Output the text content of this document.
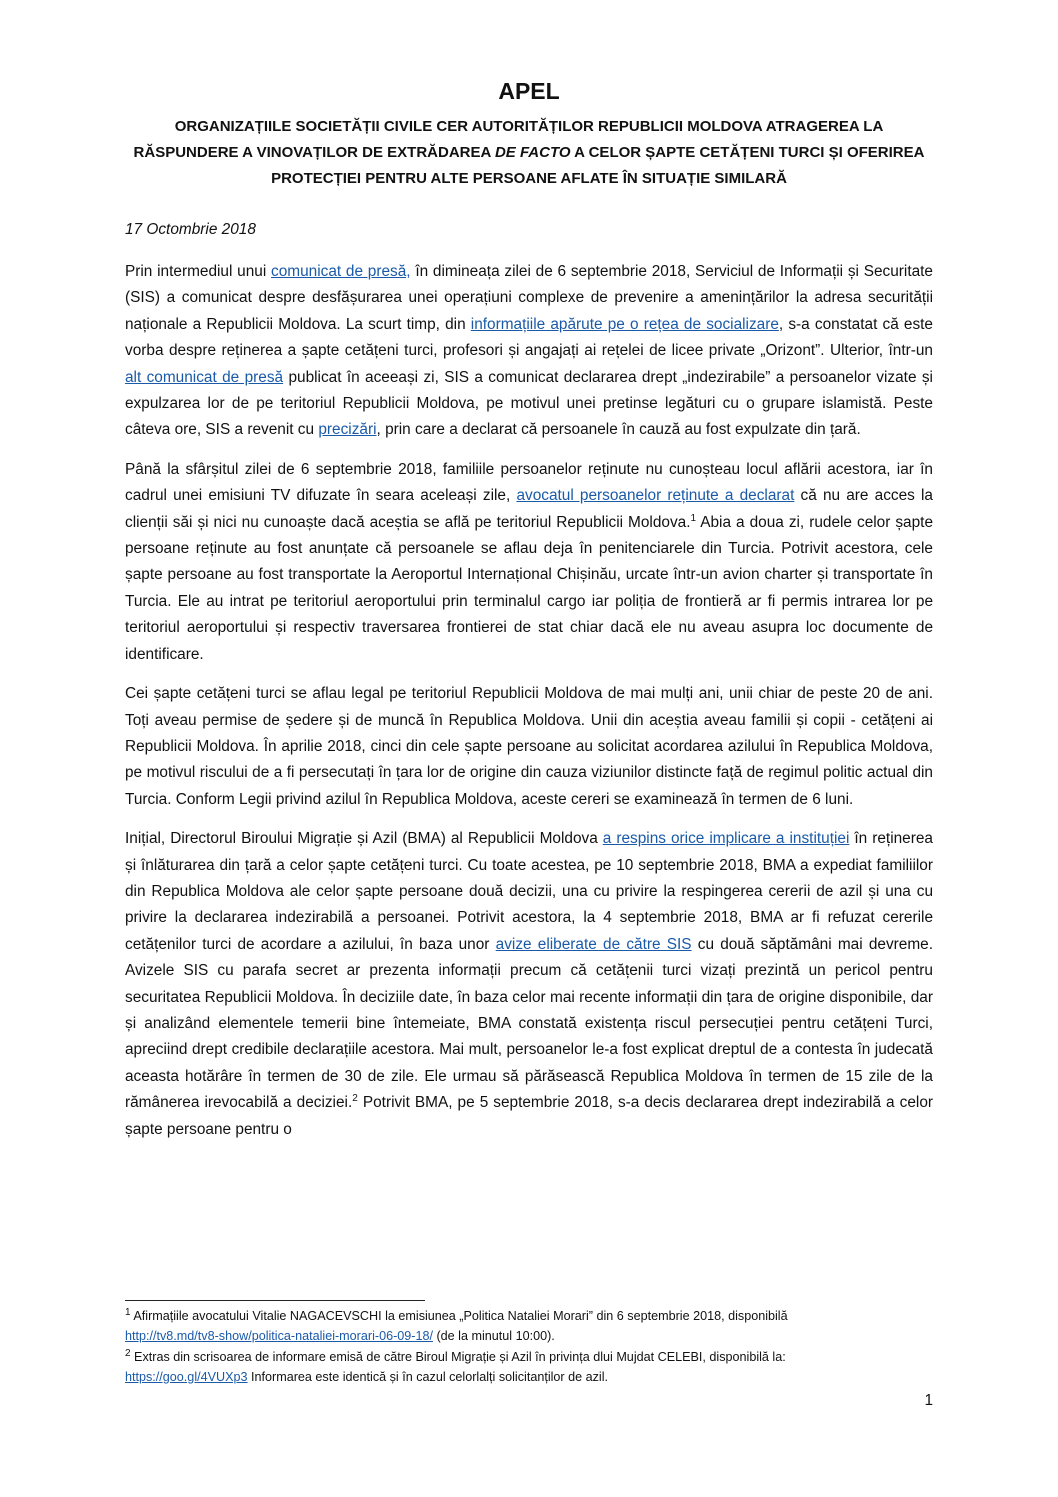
APEL
ORGANIZAȚIILE SOCIETĂȚII CIVILE CER AUTORITĂȚILOR REPUBLICII MOLDOVA ATRAGEREA LA RĂSPUNDERE A VINOVAȚILOR DE EXTRĂDAREA DE FACTO A CELOR ȘAPTE CETĂȚENI TURCI ȘI OFERIREA PROTECȚIEI PENTRU ALTE PERSOANE AFLATE ÎN SITUAȚIE SIMILARĂ
17 Octombrie 2018

Prin intermediul unui comunicat de presă, în dimineața zilei de 6 septembrie 2018, Serviciul de Informații și Securitate (SIS) a comunicat despre desfășurarea unei operațiuni complexe de prevenire a amenințărilor la adresa securității naționale a Republicii Moldova. La scurt timp, din informațiile apărute pe o rețea de socializare, s-a constatat că este vorba despre reținerea a șapte cetățeni turci, profesori și angajați ai rețelei de licee private „Orizont”. Ulterior, într-un alt comunicat de presă publicat în aceeași zi, SIS a comunicat declararea drept „indezirabile” a persoanelor vizate și expulzarea lor de pe teritoriul Republicii Moldova, pe motivul unei pretinse legături cu o grupare islamistă. Peste câteva ore, SIS a revenit cu precizări, prin care a declarat că persoanele în cauză au fost expulzate din țară.

Până la sfârșitul zilei de 6 septembrie 2018, familiile persoanelor reținute nu cunoșteau locul aflării acestora, iar în cadrul unei emisiuni TV difuzate în seara aceleași zile, avocatul persoanelor reținute a declarat că nu are acces la clienții săi și nici nu cunoaște dacă aceștia se află pe teritoriul Republicii Moldova.$^1$ Abia a doua zi, rudele celor șapte persoane reținute au fost anunțate că persoanele se aflau deja în penitenciarele din Turcia. Potrivit acestora, cele șapte persoane au fost transportate la Aeroportul Internațional Chișinău, urcate într-un avion charter și transportate în Turcia. Ele au intrat pe teritoriul aeroportului prin terminalul cargo iar poliția de frontieră ar fi permis intrarea lor pe teritoriul aeroportului și respectiv traversarea frontierei de stat chiar dacă ele nu aveau asupra loc documente de identificare.

Cei șapte cetățeni turci se aflau legal pe teritoriul Republicii Moldova de mai mulți ani, unii chiar de peste 20 de ani. Toți aveau permise de ședere și de muncă în Republica Moldova. Unii din aceștia aveau familii și copii - cetățeni ai Republicii Moldova. În aprilie 2018, cinci din cele șapte persoane au solicitat acordarea azilului în Republica Moldova, pe motivul riscului de a fi persecutați în țara lor de origine din cauza viziunilor distincte față de regimul politic actual din Turcia. Conform Legii privind azilul în Republica Moldova, aceste cereri se examinează în termen de 6 luni.

Inițial, Directorul Biroului Migrație și Azil (BMA) al Republicii Moldova a respins orice implicare a instituției în reținerea și înlăturarea din țară a celor șapte cetățeni turci. Cu toate acestea, pe 10 septembrie 2018, BMA a expediat familiilor din Republica Moldova ale celor șapte persoane două decizii, una cu privire la respingerea cererii de azil și una cu privire la declararea indezirabilă a persoanei. Potrivit acestora, la 4 septembrie 2018, BMA ar fi refuzat cererile cetățenilor turci de acordare a azilului, în baza unor avize eliberate de către SIS cu două săptămâni mai devreme. Avizele SIS cu parafa secret ar prezenta informații precum că cetățenii turci vizați prezintă un pericol pentru securitatea Republicii Moldova. În deciziile date, în baza celor mai recente informații din țara de origine disponibile, dar și analizând elementele temerii bine întemeiate, BMA constată existența riscul persecuției pentru cetățeni Turci, apreciind drept credibile declarațiile acestora. Mai mult, persoanelor le-a fost explicat dreptul de a contesta în judecată aceasta hotărâre în termen de 30 de zile. Ele urmau să părăsească Republica Moldova în termen de 15 zile de la rămânerea irevocabilă a deciziei.$^2$ Potrivit BMA, pe 5 septembrie 2018, s-a decis declararea drept indezirabilă a celor șapte persoane pentru o

$^1$ Afirmațiile avocatului Vitalie NAGACEVSCHI la emisiunea „Politica Nataliei Morari” din 6 septembrie 2018, disponibilă
http://tv8.md/tv8-show/politica-nataliei-morari-06-09-18/ (de la minutul 10:00).
$^2$ Extras din scrisoarea de informare emisă de către Biroul Migrație și Azil în privința dlui Mujdat CELEBI, disponibilă la:
https://goo.gl/4VUXp3 Informarea este identică și în cazul celorlalți solicitanților de azil.
1
